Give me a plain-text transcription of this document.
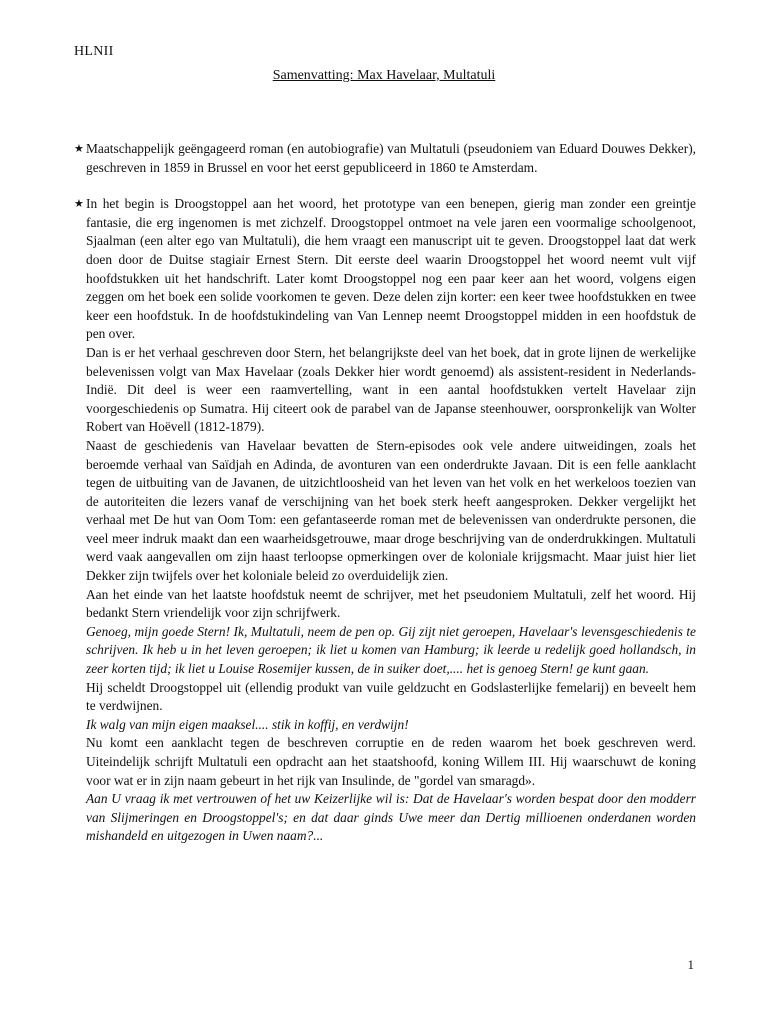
HLNII
Samenvatting: Max Havelaar, Multatuli
★ Maatschappelijk geëngageerd roman (en autobiografie) van Multatuli (pseudoniem van Eduard Douwes Dekker), geschreven in 1859 in Brussel en voor het eerst gepubliceerd in 1860 te Amsterdam.

★ In het begin is Droogstoppel aan het woord, het prototype van een benepen, gierig man zonder een greintje fantasie, die erg ingenomen is met zichzelf. Droogstoppel ontmoet na vele jaren een voormalige schoolgenoot, Sjaalman (een alter ego van Multatuli), die hem vraagt een manuscript uit te geven. Droogstoppel laat dat werk doen door de Duitse stagiair Ernest Stern. Dit eerste deel waarin Droogstoppel het woord neemt vult vijf hoofdstukken uit het handschrift. Later komt Droogstoppel nog een paar keer aan het woord, volgens eigen zeggen om het boek een solide voorkomen te geven. Deze delen zijn korter: een keer twee hoofdstukken en twee keer een hoofdstuk. In de hoofdstukindeling van Van Lennep neemt Droogstoppel midden in een hoofdstuk de pen over.

Dan is er het verhaal geschreven door Stern, het belangrijkste deel van het boek, dat in grote lijnen de werkelijke belevenissen volgt van Max Havelaar (zoals Dekker hier wordt genoemd) als assistent-resident in Nederlands-Indië. Dit deel is weer een raamvertelling, want in een aantal hoofdstukken vertelt Havelaar zijn voorgeschiedenis op Sumatra. Hij citeert ook de parabel van de Japanse steenhouwer, oorspronkelijk van Wolter Robert van Hoëvell (1812-1879).

Naast de geschiedenis van Havelaar bevatten de Stern-episodes ook vele andere uitweidingen, zoals het beroemde verhaal van Saïdjah en Adinda, de avonturen van een onderdrukte Javaan. Dit is een felle aanklacht tegen de uitbuiting van de Javanen, de uitzichtloosheid van het leven van het volk en het werkeloos toezien van de autoriteiten die lezers vanaf de verschijning van het boek sterk heeft aangesproken. Dekker vergelijkt het verhaal met De hut van Oom Tom: een gefantaseerde roman met de belevenissen van onderdrukte personen, die veel meer indruk maakt dan een waarheidsgetrouwe, maar droge beschrijving van de onderdrukkingen. Multatuli werd vaak aangevallen om zijn haast terloopse opmerkingen over de koloniale krijgsmacht. Maar juist hier liet Dekker zijn twijfels over het koloniale beleid zo overduidelijk zien.

Aan het einde van het laatste hoofdstuk neemt de schrijver, met het pseudoniem Multatuli, zelf het woord. Hij bedankt Stern vriendelijk voor zijn schrijfwerk.

Genoeg, mijn goede Stern! Ik, Multatuli, neem de pen op. Gij zijt niet geroepen, Havelaar's levensgeschiedenis te schrijven. Ik heb u in het leven geroepen; ik liet u komen van Hamburg; ik leerde u redelijk goed hollandsch, in zeer korten tijd; ik liet u Louise Rosemijer kussen, de in suiker doet,.... het is genoeg Stern! ge kunt gaan.

Hij scheldt Droogstoppel uit (ellendig produkt van vuile geldzucht en Godslasterlijke femelarij) en beveelt hem te verdwijnen.

Ik walg van mijn eigen maaksel.... stik in koffij, en verdwijn!

Nu komt een aanklacht tegen de beschreven corruptie en de reden waarom het boek geschreven werd. Uiteindelijk schrijft Multatuli een opdracht aan het staatshoofd, koning Willem III. Hij waarschuwt de koning voor wat er in zijn naam gebeurt in het rijk van Insulinde, de "gordel van smaragd».

Aan U vraag ik met vertrouwen of het uw Keizerlijke wil is: Dat de Havelaar's worden bespat door den modderr van Slijmeringen en Droogstoppel's; en dat daar ginds Uwe meer dan Dertig millioenen onderdanen worden mishandeld en uitgezogen in Uwen naam?...

1
